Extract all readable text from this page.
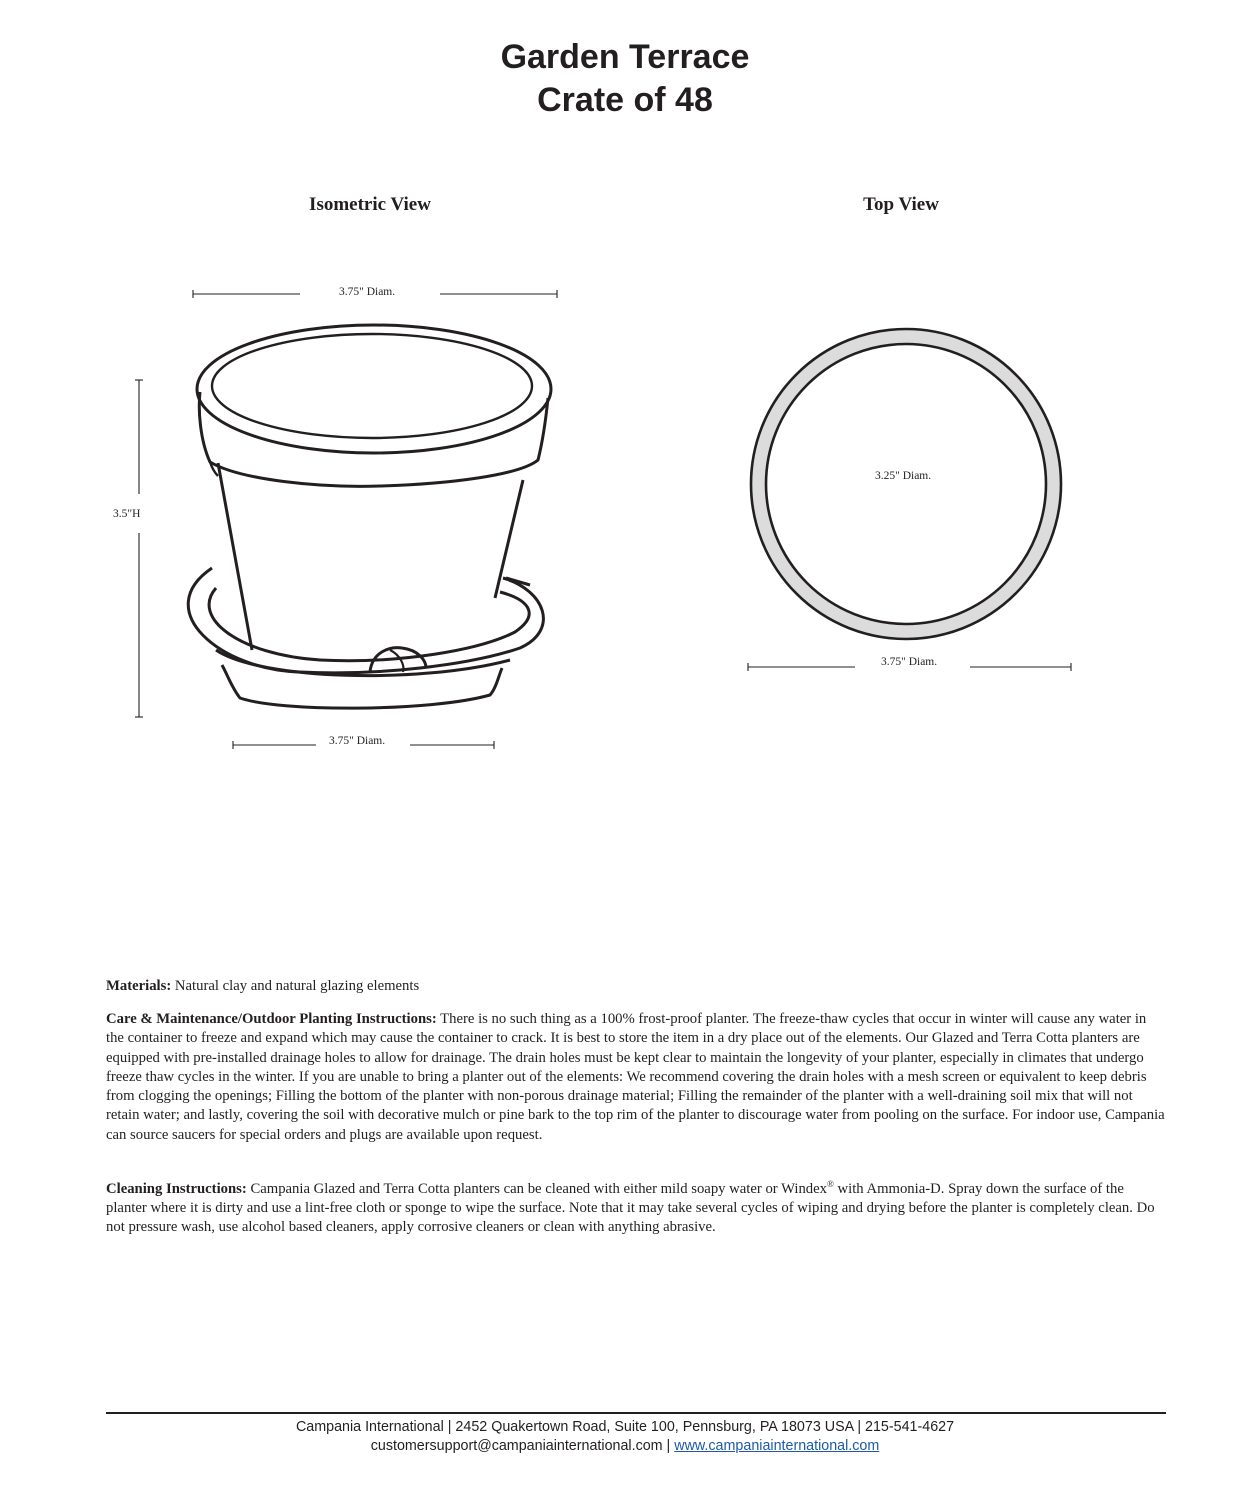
Garden Terrace
Crate of 48
Isometric View	Top View
3.75" Diam.
3.5"H
3.75" Diam.
3.25" Diam.
3.75" Diam.
Materials: Natural clay and natural glazing elements
Care & Maintenance/Outdoor Planting Instructions: There is no such thing as a 100% frost-proof planter. The freeze-thaw cycles that occur in winter will cause any water in the container to freeze and expand which may cause the container to crack. It is best to store the item in a dry place out of the elements. Our Glazed and Terra Cotta planters are equipped with pre-installed drainage holes to allow for drainage. The drain holes must be kept clear to maintain the longevity of your planter, especially in climates that undergo freeze thaw cycles in the winter. If you are unable to bring a planter out of the elements: We recommend covering the drain holes with a mesh screen or equivalent to keep debris from clogging the openings; Filling the bottom of the planter with non-porous drainage material; Filling the remainder of the planter with a well-draining soil mix that will not retain water; and lastly, covering the soil with decorative mulch or pine bark to the top rim of the planter to discourage water from pooling on the surface. For indoor use, Campania can source saucers for special orders and plugs are available upon request.
Cleaning Instructions: Campania Glazed and Terra Cotta planters can be cleaned with either mild soapy water or Windex® with Ammonia-D. Spray down the surface of the planter where it is dirty and use a lint-free cloth or sponge to wipe the surface. Note that it may take several cycles of wiping and drying before the planter is completely clean. Do not pressure wash, use alcohol based cleaners, apply corrosive cleaners or clean with anything abrasive.
Campania International | 2452 Quakertown Road, Suite 100, Pennsburg, PA 18073 USA | 215-541-4627
customersupport@campaniainternational.com | www.campaniainternational.com
